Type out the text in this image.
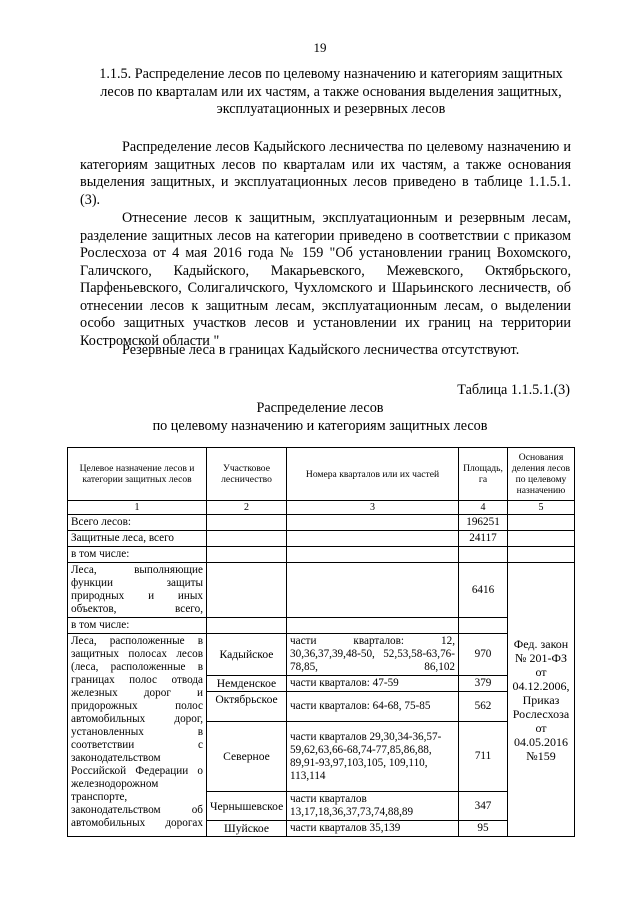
19
1.1.5. Распределение лесов по целевому назначению и категориям защитных лесов по кварталам или их частям, а также основания выделения защитных, эксплуатационных и резервных лесов
Распределение лесов Кадыйского лесничества по целевому назначению и категориям защитных лесов по кварталам или их частям, а также основания выделения защитных, и эксплуатационных лесов приведено в таблице 1.1.5.1.(3).
Отнесение лесов к защитным, эксплуатационным и резервным лесам, разделение защитных лесов на категории приведено в соответствии с приказом Рослесхоза от 4 мая 2016 года № 159 "Об установлении границ Вохомского, Галичского, Кадыйского, Макарьевского, Межевского, Октябрьского, Парфеньевского, Солигаличского, Чухломского и Шарьинского лесничеств, об отнесении лесов к защитным лесам, эксплуатационным лесам, о выделении особо защитных участков лесов и установлении их границ на территории Костромской области "
Резервные леса в границах Кадыйского лесничества отсутствуют.
Таблица 1.1.5.1.(3)
Распределение лесов
по целевому назначению и категориям защитных лесов
Целевое назначение лесов и категории защитных лесов	Участковое лесничество	Номера кварталов или их частей	Площадь, га	Основания деления лесов по целевому назначению
1	2	3	4	5
Всего лесов:			196251	
Защитные леса, всего			24117	
в том числе:				
Леса, выполняющие функции защиты природных и иных объектов, всего,			6416	Фед. закон № 201-ФЗ от 04.12.2006, Приказ Рослесхоза от 04.05.2016 №159
в том числе:				
Леса, расположенные в защитных полосах лесов (леса, расположенные в границах полос отвода железных дорог и придорожных полос автомобильных дорог, установленных в соответствии с законодательством Российской Федерации о железнодорожном транспорте, законодательством об автомобильных дорогах	Кадыйское	части кварталов: 12, 30,36,37,39,48-50, 52,53,58-63,76-78,85, 86,102	970	
	Немденское	части кварталов: 47-59	379	
	Октябрьское	части кварталов: 64-68, 75-85	562	
	Северное	части кварталов 29,30,34-36,57-59,62,63,66-68,74-77,85,86,88, 89,91-93,97,103,105, 109,110, 113,114	711	
	Чернышевское	части кварталов 13,17,18,36,37,73,74,88,89	347	
	Шуйское	части кварталов 35,139	95	
